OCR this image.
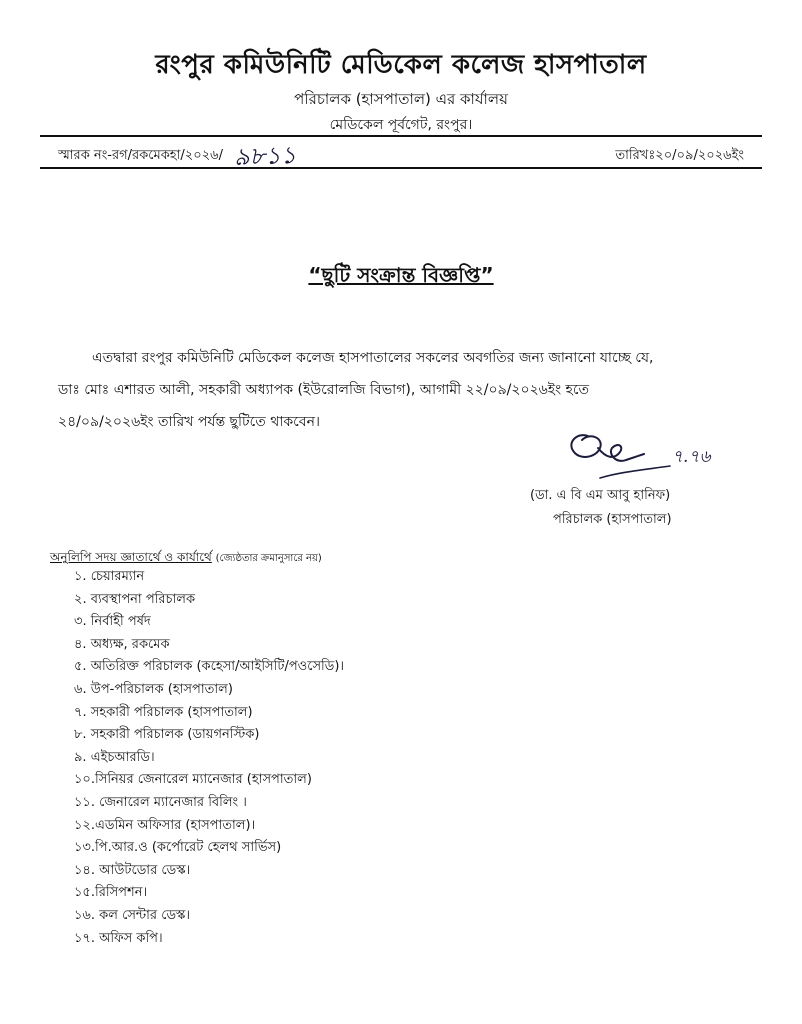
রংপুর কমিউনিটি মেডিকেল কলেজ হাসপাতাল
পরিচালক (হাসপাতাল) এর কার্যালয়
মেডিকেল পূর্বগেট, রংপুর।
স্মারক নং-রগ/রকমেকহা/২০২৬/ ৯৮১১	তারিখঃ২০/০৯/২০২৬ইং
“ছুটি সংক্রান্ত বিজ্ঞপ্তি”
এতদ্বারা রংপুর কমিউনিটি মেডিকেল কলেজ হাসপাতালের সকলের অবগতির জন্য জানানো যাচ্ছে যে,
ডাঃ মোঃ এশারত আলী, সহকারী অধ্যাপক (ইউরোলজি বিভাগ), আগামী ২২/০৯/২০২৬ইং হতে
২৪/০৯/২০২৬ইং তারিখ পর্যন্ত ছুটিতে থাকবেন।
৭.৭৬
(ডা. এ বি এম আবু হানিফ)
পরিচালক (হাসপাতাল)
অনুলিপি সদয় জ্ঞাতার্থে ও কার্যার্থে (জ্যেষ্ঠতার ক্রমানুসারে নয়)
১. চেয়ারম্যান
২. ব্যবস্থাপনা পরিচালক
৩. নির্বাহী পর্ষদ
৪. অধ্যক্ষ, রকমেক
৫. অতিরিক্ত পরিচালক (কহেসা/আইসিটি/পওসেডি)।
৬. উপ-পরিচালক (হাসপাতাল)
৭. সহকারী পরিচালক (হাসপাতাল)
৮. সহকারী পরিচালক (ডায়গনস্টিক)
৯. এইচআরডি।
১০.সিনিয়র জেনারেল ম্যানেজার (হাসপাতাল)
১১. জেনারেল ম্যানেজার বিলিং ।
১২.এডমিন অফিসার (হাসপাতাল)।
১৩.পি.আর.ও (কর্পোরেট হেলথ সার্ভিস)
১৪. আউটডোর ডেস্ক।
১৫.রিসিপশন।
১৬. কল সেন্টার ডেস্ক।
১৭. অফিস কপি।
